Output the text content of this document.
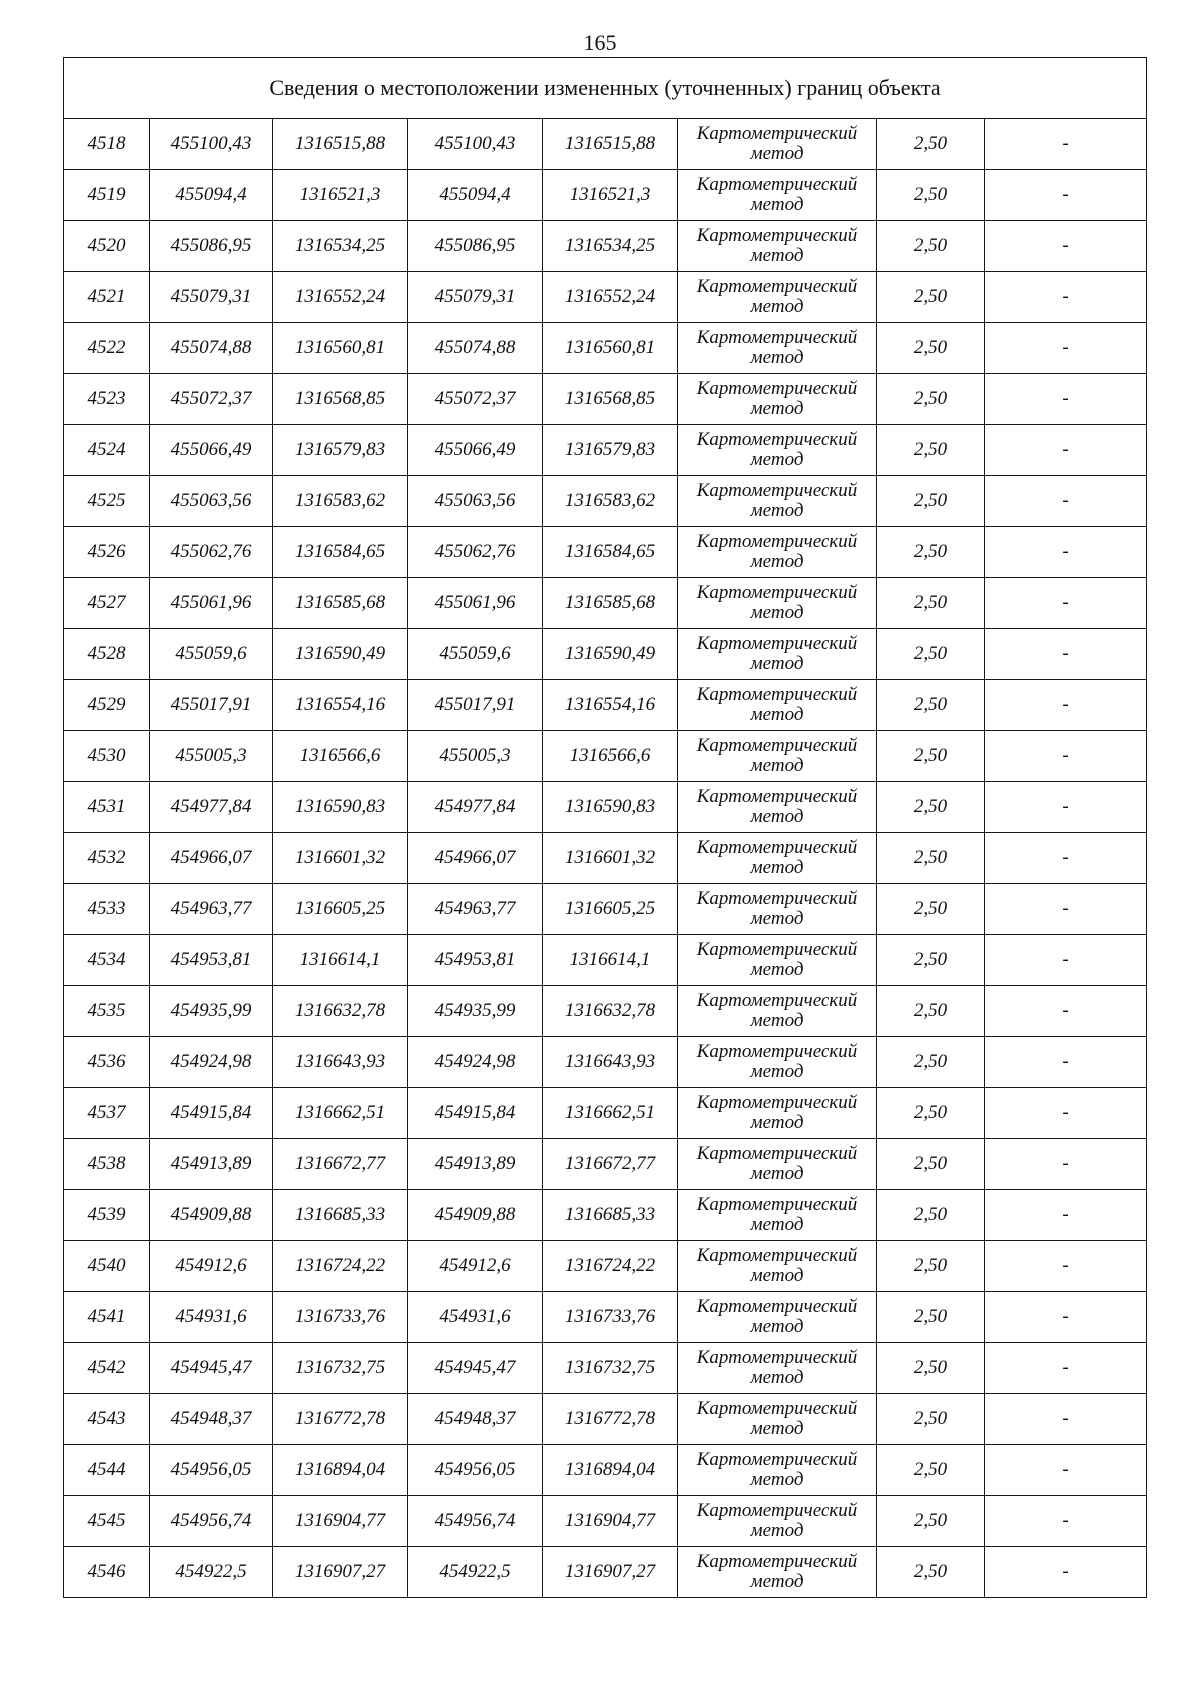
165
Сведения о местоположении измененных (уточненных) границ объекта							
4518	455100,43	1316515,88	455100,43	1316515,88	Картометрический метод	2,50	-
4519	455094,4	1316521,3	455094,4	1316521,3	Картометрический метод	2,50	-
4520	455086,95	1316534,25	455086,95	1316534,25	Картометрический метод	2,50	-
4521	455079,31	1316552,24	455079,31	1316552,24	Картометрический метод	2,50	-
4522	455074,88	1316560,81	455074,88	1316560,81	Картометрический метод	2,50	-
4523	455072,37	1316568,85	455072,37	1316568,85	Картометрический метод	2,50	-
4524	455066,49	1316579,83	455066,49	1316579,83	Картометрический метод	2,50	-
4525	455063,56	1316583,62	455063,56	1316583,62	Картометрический метод	2,50	-
4526	455062,76	1316584,65	455062,76	1316584,65	Картометрический метод	2,50	-
4527	455061,96	1316585,68	455061,96	1316585,68	Картометрический метод	2,50	-
4528	455059,6	1316590,49	455059,6	1316590,49	Картометрический метод	2,50	-
4529	455017,91	1316554,16	455017,91	1316554,16	Картометрический метод	2,50	-
4530	455005,3	1316566,6	455005,3	1316566,6	Картометрический метод	2,50	-
4531	454977,84	1316590,83	454977,84	1316590,83	Картометрический метод	2,50	-
4532	454966,07	1316601,32	454966,07	1316601,32	Картометрический метод	2,50	-
4533	454963,77	1316605,25	454963,77	1316605,25	Картометрический метод	2,50	-
4534	454953,81	1316614,1	454953,81	1316614,1	Картометрический метод	2,50	-
4535	454935,99	1316632,78	454935,99	1316632,78	Картометрический метод	2,50	-
4536	454924,98	1316643,93	454924,98	1316643,93	Картометрический метод	2,50	-
4537	454915,84	1316662,51	454915,84	1316662,51	Картометрический метод	2,50	-
4538	454913,89	1316672,77	454913,89	1316672,77	Картометрический метод	2,50	-
4539	454909,88	1316685,33	454909,88	1316685,33	Картометрический метод	2,50	-
4540	454912,6	1316724,22	454912,6	1316724,22	Картометрический метод	2,50	-
4541	454931,6	1316733,76	454931,6	1316733,76	Картометрический метод	2,50	-
4542	454945,47	1316732,75	454945,47	1316732,75	Картометрический метод	2,50	-
4543	454948,37	1316772,78	454948,37	1316772,78	Картометрический метод	2,50	-
4544	454956,05	1316894,04	454956,05	1316894,04	Картометрический метод	2,50	-
4545	454956,74	1316904,77	454956,74	1316904,77	Картометрический метод	2,50	-
4546	454922,5	1316907,27	454922,5	1316907,27	Картометрический метод	2,50	-
